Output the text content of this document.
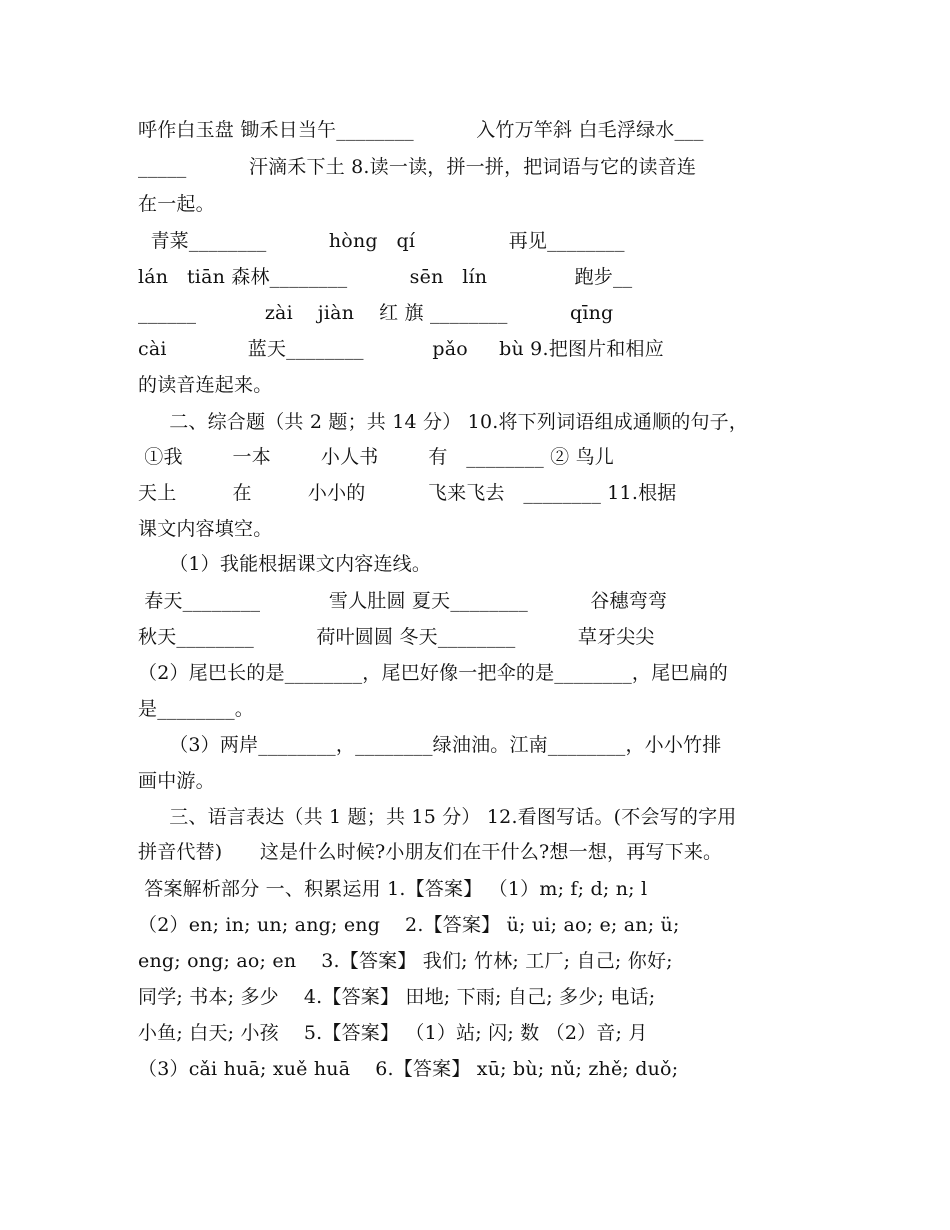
呼作白玉盘 锄禾日当午________          入竹万竿斜 白毛浮绿水___
_____          汗滴禾下土 8.读一读，拼一拼，把词语与它的读音连
在一起。
青菜________          hòng   qí               再见________
lán   tiān 森林________          sēn   lín              跑步__
______           zài    jiàn    红 旗 ________          qīng
cài             蓝天________           pǎo     bù 9.把图片和相应
的读音连起来。
二、综合题（共 2 题；共 14 分） 10.将下列词语组成通顺的句子，
①我        一本        小人书        有   ________ ② 鸟儿
天上         在         小小的          飞来飞去   ________ 11.根据
课文内容填空。
（1）我能根据课文内容连线。
春天________           雪人肚圆 夏天________          谷穗弯弯
秋天________          荷叶圆圆 冬天________          草牙尖尖
（2）尾巴长的是________，尾巴好像一把伞的是________，尾巴扁的
是________。
（3）两岸________，________绿油油。江南________，小小竹排
画中游。
三、语言表达（共 1 题；共 15 分） 12.看图写话。(不会写的字用
拼音代替)      这是什么时候?小朋友们在干什么?想一想，再写下来。
答案解析部分 一、积累运用 1.【答案】 （1）m; f; d; n; l
（2）en; in; un; ang; eng    2.【答案】 ü; ui; ao; e; an; ü;
eng; ong; ao; en    3.【答案】 我们; 竹林; 工厂; 自己; 你好;
同学; 书本; 多少    4.【答案】 田地; 下雨; 自己; 多少; 电话;
小鱼; 白天; 小孩    5.【答案】 （1）站; 闪; 数 （2）音; 月
（3）cǎi huā; xuě huā    6.【答案】 xū; bù; nǔ; zhě; duǒ;
